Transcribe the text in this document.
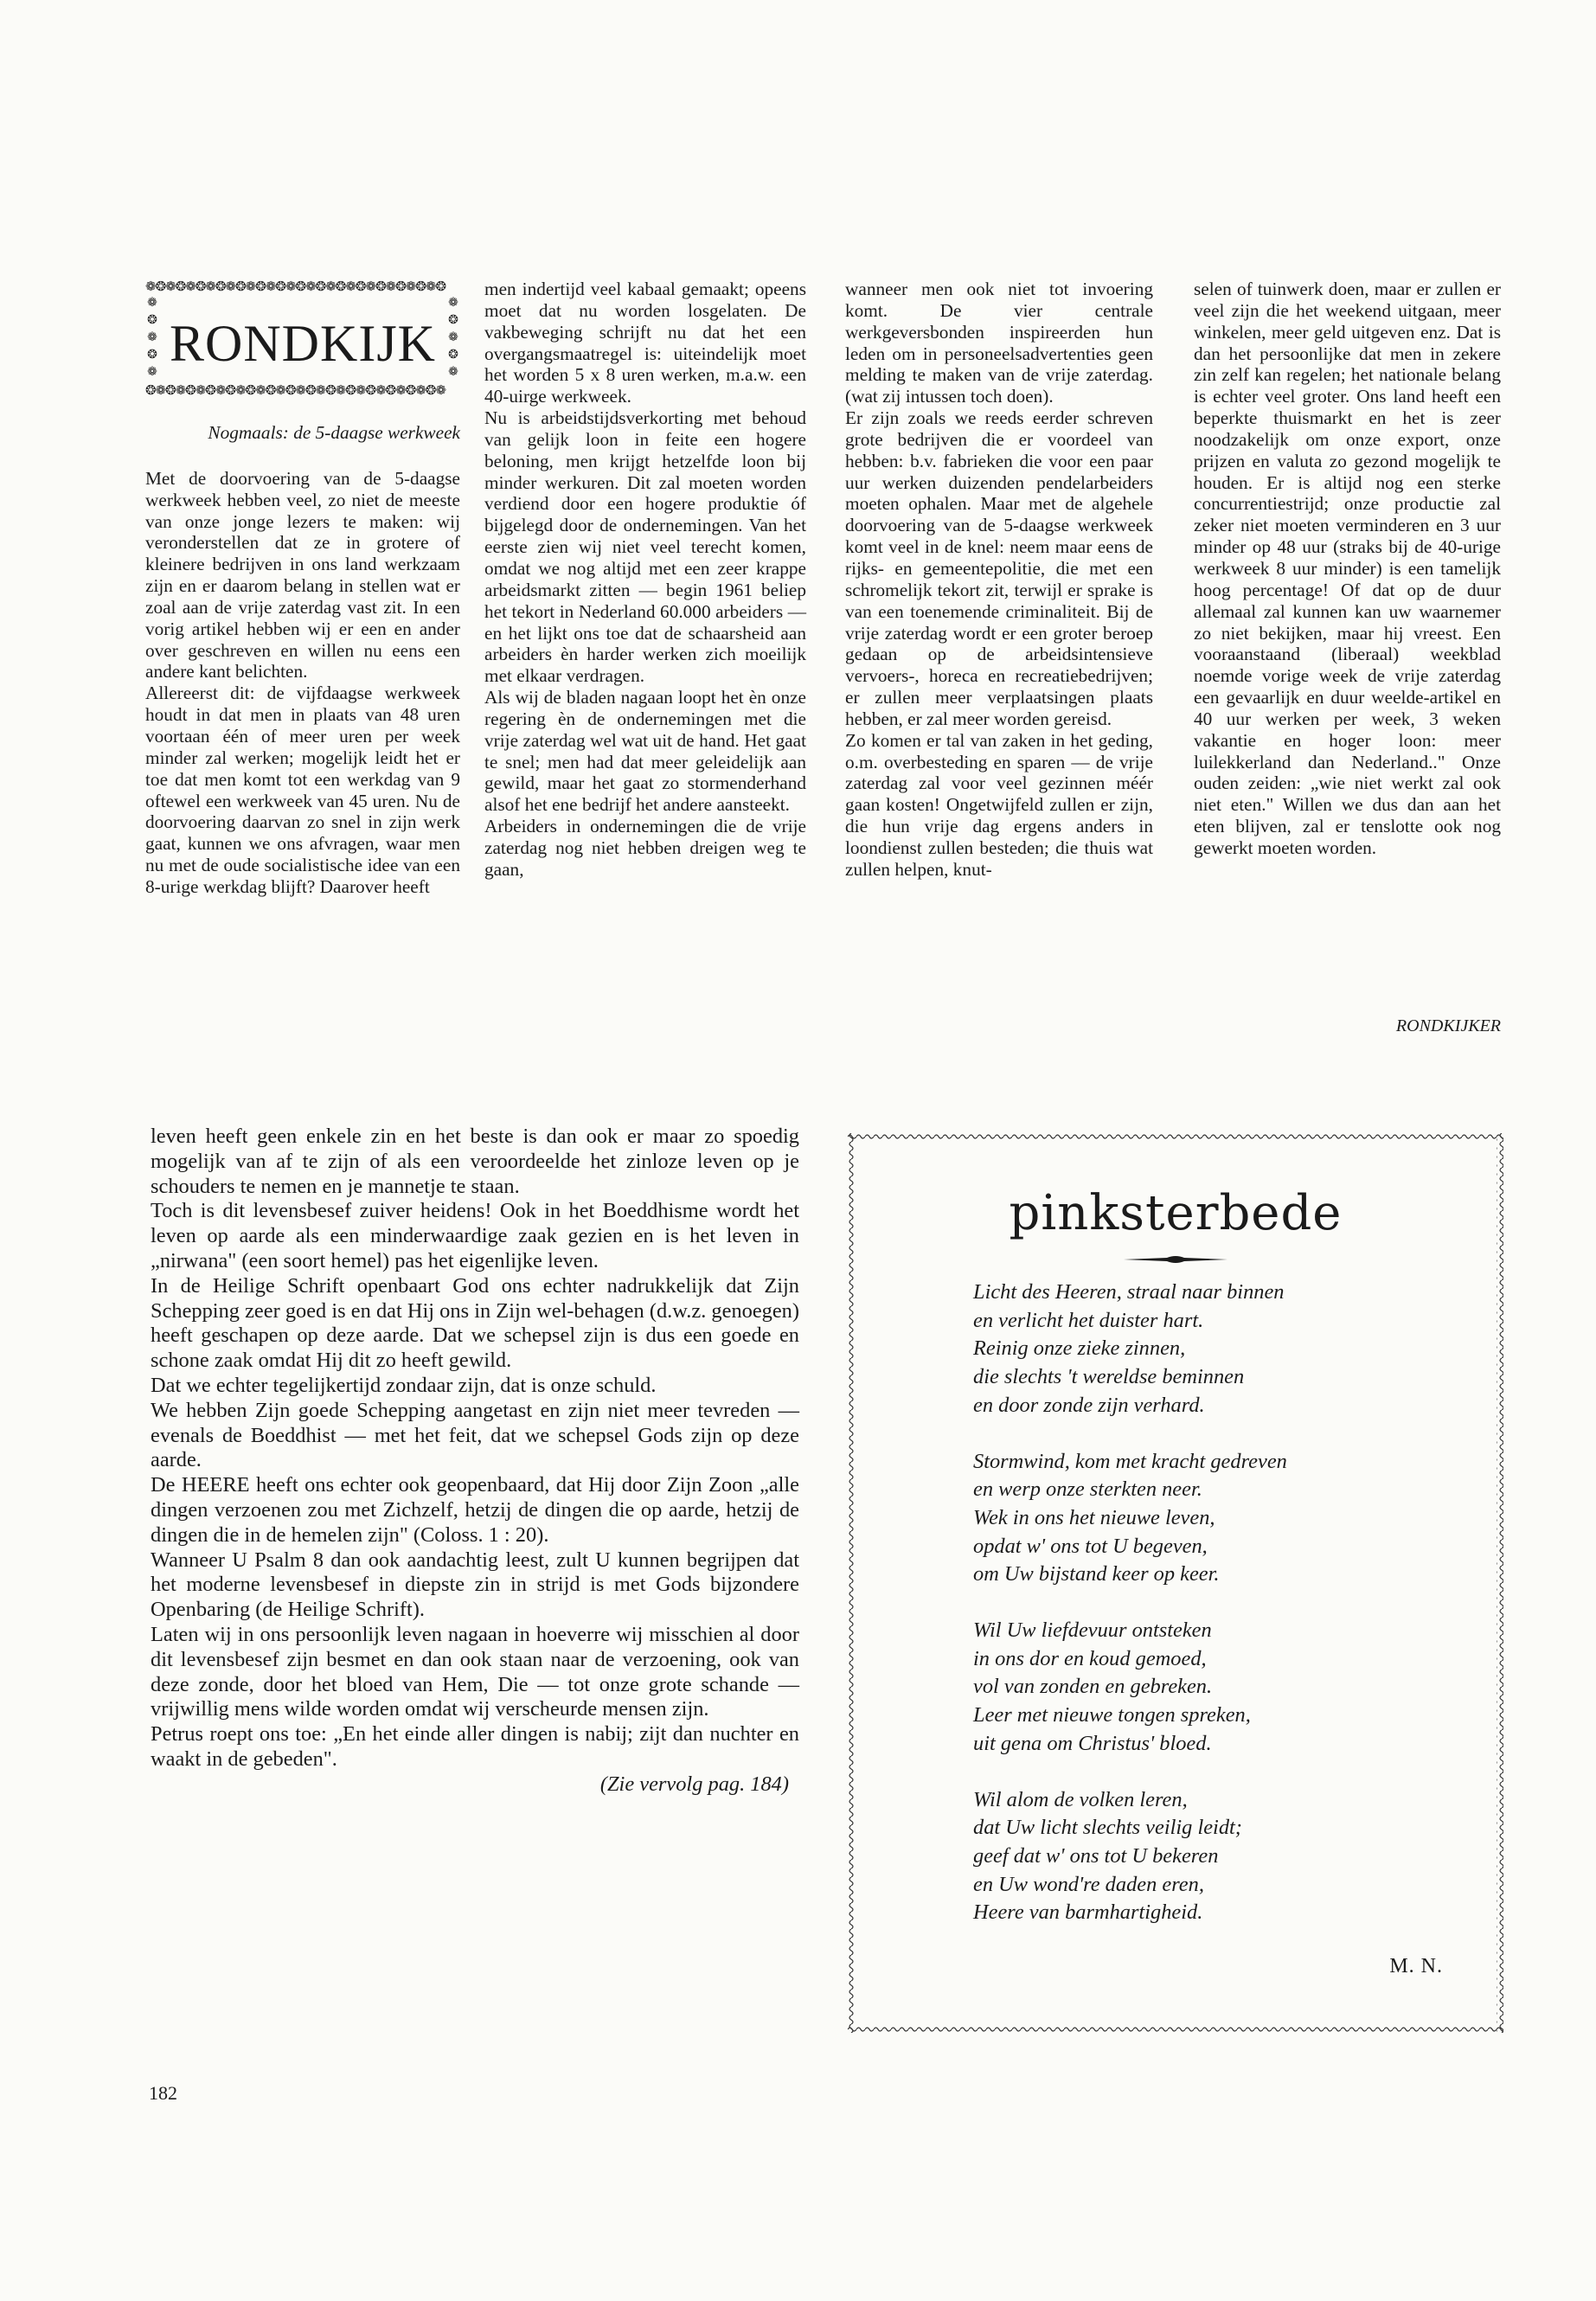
❁❂❁❂❁❂❁❂❁❂❁❂❁❂❁❂❁❂❁❂❁❂❁❂❁❂❁❂❁❂
❁
❂
❁
❂
❁
❁
❂
❁
❂
❁
RONDKIJK
❂❁❂❁❂❁❂❁❂❁❂❁❂❁❂❁❂❁❂❁❂❁❂❁❂❁❂❁❂❁

Nogmaals: de 5-daagse werkweek

Met de doorvoering van de 5-daagse werkweek hebben veel, zo niet de meeste van onze jonge lezers te maken: wij veronderstellen dat ze in grotere of kleinere bedrijven in ons land werkzaam zijn en er daarom belang in stellen wat er zoal aan de vrije zaterdag vast zit. In een vorig artikel hebben wij er een en ander over geschreven en willen nu eens een andere kant belichten.

Allereerst dit: de vijfdaagse werkweek houdt in dat men in plaats van 48 uren voortaan één of meer uren per week minder zal werken; mogelijk leidt het er toe dat men komt tot een werkdag van 9 oftewel een werkweek van 45 uren. Nu de doorvoering daarvan zo snel in zijn werk gaat, kunnen we ons afvragen, waar men nu met de oude socialistische idee van een 8-urige werkdag blijft? Daarover heeft

men indertijd veel kabaal gemaakt; opeens moet dat nu worden losgelaten. De vakbeweging schrijft nu dat het een overgangsmaatregel is: uiteindelijk moet het worden 5 x 8 uren werken, m.a.w. een 40-uirge werkweek.

Nu is arbeidstijdsverkorting met behoud van gelijk loon in feite een hogere beloning, men krijgt hetzelfde loon bij minder werkuren. Dit zal moeten worden verdiend door een hogere produktie óf bijgelegd door de ondernemingen. Van het eerste zien wij niet veel terecht komen, omdat we nog altijd met een zeer krappe arbeidsmarkt zitten — begin 1961 beliep het tekort in Nederland 60.000 arbeiders — en het lijkt ons toe dat de schaarsheid aan arbeiders èn harder werken zich moeilijk met elkaar verdragen.

Als wij de bladen nagaan loopt het èn onze regering èn de ondernemingen met die vrije zaterdag wel wat uit de hand. Het gaat te snel; men had dat meer geleidelijk aan gewild, maar het gaat zo stormenderhand alsof het ene bedrijf het andere aansteekt.

Arbeiders in ondernemingen die de vrije zaterdag nog niet hebben dreigen weg te gaan,

wanneer men ook niet tot invoering komt. De vier centrale werkgeversbonden inspireerden hun leden om in personeelsadvertenties geen melding te maken van de vrije zaterdag. (wat zij intussen toch doen).

Er zijn zoals we reeds eerder schreven grote bedrijven die er voordeel van hebben: b.v. fabrieken die voor een paar uur werken duizenden pendelarbeiders moeten ophalen. Maar met de algehele doorvoering van de 5-daagse werkweek komt veel in de knel: neem maar eens de rijks- en gemeentepolitie, die met een schromelijk tekort zit, terwijl er sprake is van een toenemende criminaliteit. Bij de vrije zaterdag wordt er een groter beroep gedaan op de arbeidsintensieve vervoers-, horeca en recreatiebedrijven; er zullen meer verplaatsingen plaats hebben, er zal meer worden gereisd.

Zo komen er tal van zaken in het geding, o.m. overbesteding en sparen — de vrije zaterdag zal voor veel gezinnen méér gaan kosten! Ongetwijfeld zullen er zijn, die hun vrije dag ergens anders in loondienst zullen besteden; die thuis wat zullen helpen, knut-

selen of tuinwerk doen, maar er zullen er veel zijn die het weekend uitgaan, meer winkelen, meer geld uitgeven enz. Dat is dan het persoonlijke dat men in zekere zin zelf kan regelen; het nationale belang is echter veel groter. Ons land heeft een beperkte thuismarkt en het is zeer noodzakelijk om onze export, onze prijzen en valuta zo gezond mogelijk te houden. Er is altijd nog een sterke concurrentiestrijd; onze productie zal zeker niet moeten verminderen en 3 uur minder op 48 uur (straks bij de 40-urige werkweek 8 uur minder) is een tamelijk hoog percentage! Of dat op de duur allemaal zal kunnen kan uw waarnemer zo niet bekijken, maar hij vreest. Een vooraanstaand (liberaal) weekblad noemde vorige week de vrije zaterdag een gevaarlijk en duur weelde-artikel en 40 uur werken per week, 3 weken vakantie en hoger loon: meer luilekkerland dan Nederland.." Onze ouden zeiden: „wie niet werkt zal ook niet eten." Willen we dus dan aan het eten blijven, zal er tenslotte ook nog gewerkt moeten worden.

RONDKIJKER

leven heeft geen enkele zin en het beste is dan ook er maar zo spoedig mogelijk van af te zijn of als een veroordeelde het zinloze leven op je schouders te nemen en je mannetje te staan.

Toch is dit levensbesef zuiver heidens! Ook in het Boeddhisme wordt het leven op aarde als een minderwaardige zaak gezien en is het leven in „nirwana" (een soort hemel) pas het eigenlijke leven.

In de Heilige Schrift openbaart God ons echter nadrukkelijk dat Zijn Schepping zeer goed is en dat Hij ons in Zijn wel-behagen (d.w.z. genoegen) heeft geschapen op deze aarde. Dat we schepsel zijn is dus een goede en schone zaak omdat Hij dit zo heeft gewild.

Dat we echter tegelijkertijd zondaar zijn, dat is onze schuld.

We hebben Zijn goede Schepping aangetast en zijn niet meer tevreden — evenals de Boeddhist — met het feit, dat we schepsel Gods zijn op deze aarde.

De HEERE heeft ons echter ook geopenbaard, dat Hij door Zijn Zoon „alle dingen verzoenen zou met Zichzelf, hetzij de dingen die op aarde, hetzij de dingen die in de hemelen zijn" (Coloss. 1 : 20).

Wanneer U Psalm 8 dan ook aandachtig leest, zult U kunnen begrijpen dat het moderne levensbesef in diepste zin in strijd is met Gods bijzondere Openbaring (de Heilige Schrift).

Laten wij in ons persoonlijk leven nagaan in hoeverre wij misschien al door dit levensbesef zijn besmet en dan ook staan naar de verzoening, ook van deze zonde, door het bloed van Hem, Die — tot onze grote schande — vrijwillig mens wilde worden omdat wij verscheurde mensen zijn.

Petrus roept ons toe: „En het einde aller dingen is nabij; zijt dan nuchter en waakt in de gebeden".

(Zie vervolg pag. 184)

pinksterbede
Licht des Heeren, straal naar binnen
en verlicht het duister hart.
Reinig onze zieke zinnen,
die slechts 't wereldse beminnen
en door zonde zijn verhard.
Stormwind, kom met kracht gedreven
en werp onze sterkten neer.
Wek in ons het nieuwe leven,
opdat w' ons tot U begeven,
om Uw bijstand keer op keer.
Wil Uw liefdevuur ontsteken
in ons dor en koud gemoed,
vol van zonden en gebreken.
Leer met nieuwe tongen spreken,
uit gena om Christus' bloed.
Wil alom de volken leren,
dat Uw licht slechts veilig leidt;
geef dat w' ons tot U bekeren
en Uw wond're daden eren,
Heere van barmhartigheid.
M. N.
182
